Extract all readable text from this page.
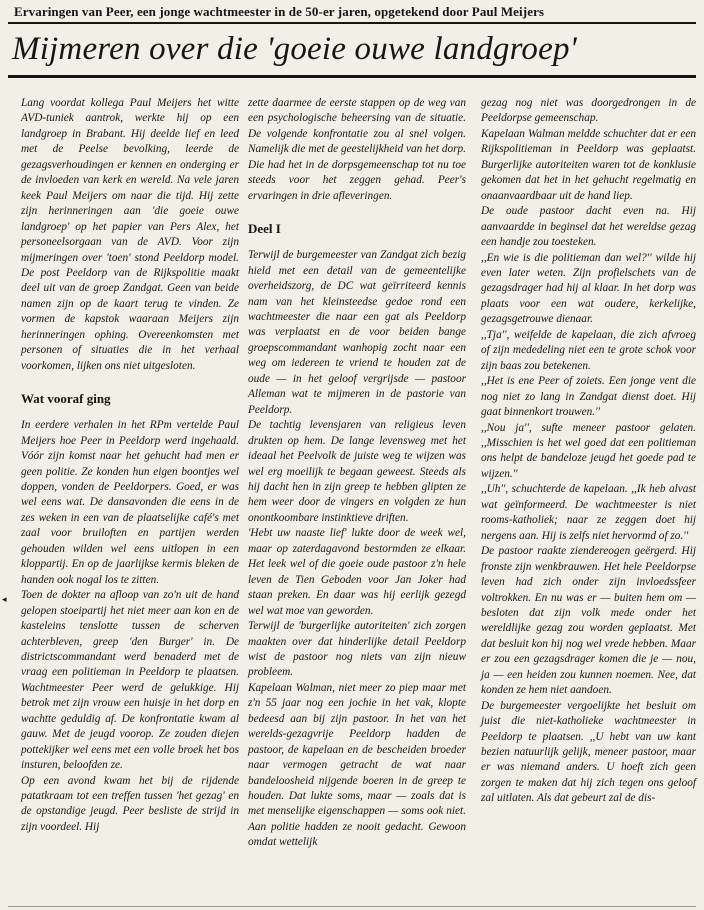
Ervaringen van Peer, een jonge wachtmeester in de 50-er jaren, opgetekend door Paul Meijers
Mijmeren over die 'goeie ouwe landgroep'

Lang voordat kollega Paul Meijers het witte AVD-tuniek aantrok, werkte hij op een landgroep in Brabant. Hij deelde lief en leed met de Peelse bevolking, leerde de gezagsverhoudingen er kennen en onderging er de invloeden van kerk en wereld. Na vele jaren keek Paul Meijers om naar die tijd. Hij zette zijn herinneringen aan 'die goeie ouwe landgroep' op het papier van Pers Alex, het personeelsorgaan van de AVD. Voor zijn mijmeringen over 'toen' stond Peeldorp model. De post Peeldorp van de Rijkspolitie maakt deel uit van de groep Zandgat. Geen van beide namen zijn op de kaart terug te vinden. Ze vormen de kapstok waaraan Meijers zijn herinneringen ophing. Overeenkomsten met personen of situaties die in het verhaal voorkomen, lijken ons niet uitgesloten.

Wat vooraf ging

In eerdere verhalen in het RPm vertelde Paul Meijers hoe Peer in Peeldorp werd ingehaald. Vóór zijn komst naar het gehucht had men er geen politie. Ze konden hun eigen boontjes wel doppen, vonden de Peeldorpers. Goed, er was wel eens wat. De dansavonden die eens in de zes weken in een van de plaatselijke café's met zaal voor bruiloften en partijen werden gehouden wilden wel eens uitlopen in een kloppartij. En op de jaarlijkse kermis bleken de handen ook nogal los te zitten.

Toen de dokter na afloop van zo'n uit de hand gelopen stoeipartij het niet meer aan kon en de kasteleins tenslotte tussen de scherven achterbleven, greep 'den Burger' in. De districtscommandant werd benaderd met de vraag een politieman in Peeldorp te plaatsen. Wachtmeester Peer werd de gelukkige. Hij betrok met zijn vrouw een huisje in het dorp en wachtte geduldig af. De konfrontatie kwam al gauw. Met de jeugd voorop. Ze zouden diejen pottekijker wel eens met een volle broek het bos insturen, beloofden ze.

Op een avond kwam het bij de rijdende patatkraam tot een treffen tussen 'het gezag' en de opstandige jeugd. Peer besliste de strijd in zijn voordeel. Hij

zette daarmee de eerste stappen op de weg van een psychologische beheersing van de situatie. De volgende konfrontatie zou al snel volgen. Namelijk die met de geestelijkheid van het dorp. Die had het in de dorpsgemeenschap tot nu toe steeds voor het zeggen gehad. Peer's ervaringen in drie afleveringen.

Deel I

Terwijl de burgemeester van Zandgat zich bezig hield met een detail van de gemeentelijke overheidszorg, de DC wat geïrriteerd kennis nam van het kleinsteedse gedoe rond een wachtmeester die naar een gat als Peeldorp was verplaatst en de voor beiden bange groepscommandant wanhopig zocht naar een weg om iedereen te vriend te houden zat de oude — in het geloof vergrijsde — pastoor Alleman wat te mijmeren in de pastorie van Peeldorp.

De tachtig levensjaren van religieus leven drukten op hem. De lange levensweg met het ideaal het Peelvolk de juiste weg te wijzen was wel erg moeilijk te begaan geweest. Steeds als hij dacht hen in zijn greep te hebben glipten ze hem weer door de vingers en volgden ze hun onontkoombare instinktieve driften.

'Hebt uw naaste lief' lukte door de week wel, maar op zaterdagavond bestormden ze elkaar. Het leek wel of die goeie oude pastoor z'n hele leven de Tien Geboden voor Jan Joker had staan preken. En daar was hij eerlijk gezegd wel wat moe van geworden.

Terwijl de 'burgerlijke autoriteiten' zich zorgen maakten over dat hinderlijke detail Peeldorp wist de pastoor nog niets van zijn nieuw probleem.

Kapelaan Walman, niet meer zo piep maar met z'n 55 jaar nog een jochie in het vak, klopte bedeesd aan bij zijn pastoor. In het van het werelds-gezagvrije Peeldorp hadden de pastoor, de kapelaan en de bescheiden broeder naar vermogen getracht de wat naar bandeloosheid nijgende boeren in de greep te houden. Dat lukte soms, maar — zoals dat is met menselijke eigenschappen — soms ook niet. Aan politie hadden ze nooit gedacht. Gewoon omdat wettelijk

gezag nog niet was doorgedrongen in de Peeldorpse gemeenschap.

Kapelaan Walman meldde schuchter dat er een Rijkspolitieman in Peeldorp was geplaatst. Burgerlijke autoriteiten waren tot de konklusie gekomen dat het in het gehucht regelmatig en onaanvaardbaar uit de hand liep.

De oude pastoor dacht even na. Hij aanvaardde in beginsel dat het wereldse gezag een handje zou toesteken.

,,En wie is die politieman dan wel?'' wilde hij even later weten. Zijn profielschets van de gezagsdrager had hij al klaar. In het dorp was plaats voor een wat oudere, kerkelijke, gezagsgetrouwe dienaar.

,,Tja'', weifelde de kapelaan, die zich afvroeg of zijn mededeling niet een te grote schok voor zijn baas zou betekenen.

,,Het is ene Peer of zoiets. Een jonge vent die nog niet zo lang in Zandgat dienst doet. Hij gaat binnenkort trouwen.''

,,Nou ja'', sufte meneer pastoor gelaten. ,,Misschien is het wel goed dat een politieman ons helpt de bandeloze jeugd het goede pad te wijzen.''

,,Uh'', schuchterde de kapelaan. ,,Ik heb alvast wat geïnformeerd. De wachtmeester is niet rooms-katholiek; naar ze zeggen doet hij nergens aan. Hij is zelfs niet hervormd of zo.''

De pastoor raakte ziendereogen geërgerd. Hij fronste zijn wenkbrauwen. Het hele Peeldorpse leven had zich onder zijn invloedssfeer voltrokken. En nu was er — buiten hem om — besloten dat zijn volk mede onder het wereldlijke gezag zou worden geplaatst. Met dat besluit kon hij nog wel vrede hebben. Maar er zou een gezagsdrager komen die je — nou, ja — een heiden zou kunnen noemen. Nee, dat konden ze hem niet aandoen.

De burgemeester vergoelijkte het besluit om juist die niet-katholieke wachtmeester in Peeldorp te plaatsen. ,,U hebt van uw kant bezien natuurlijk gelijk, meneer pastoor, maar er was niemand anders. U hoeft zich geen zorgen te maken dat hij zich tegen ons geloof zal uitlaten. Als dat gebeurt zal de dis-

◂
